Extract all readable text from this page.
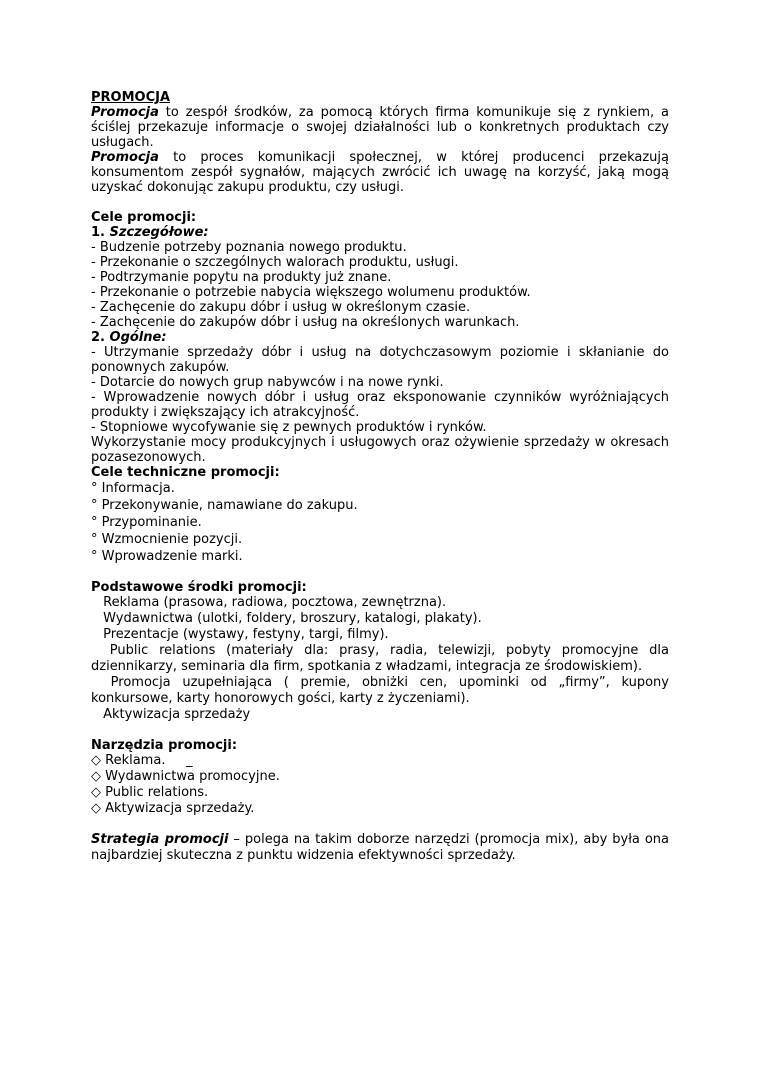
PROMOCJA

Promocja to zespół środków, za pomocą których firma komunikuje się z rynkiem, a ściślej przekazuje informacje o swojej działalności lub o konkretnych produktach czy usługach.

Promocja to proces komunikacji społecznej, w której producenci przekazują konsumentom zespół sygnałów, mających zwrócić ich uwagę na korzyść, jaką mogą uzyskać dokonując zakupu produktu, czy usługi.

Cele promocji:

1. Szczegółowe:

- Budzenie potrzeby poznania nowego produktu.

- Przekonanie o szczególnych walorach produktu, usługi.

- Podtrzymanie popytu na produkty już znane.

- Przekonanie o potrzebie nabycia większego wolumenu produktów.

- Zachęcenie do zakupu dóbr i usług w określonym czasie.

- Zachęcenie do zakupów dóbr i usług na określonych warunkach.

2. Ogólne:

- Utrzymanie sprzedaży dóbr i usług na dotychczasowym poziomie i skłanianie do ponownych zakupów.

- Dotarcie do nowych grup nabywców i na nowe rynki.

- Wprowadzenie nowych dóbr i usług oraz eksponowanie czynników wyróżniających produkty i zwiększający ich atrakcyjność.

- Stopniowe wycofywanie się z pewnych produktów i rynków.

Wykorzystanie mocy produkcyjnych i usługowych oraz ożywienie sprzedaży w okresach pozasezonowych.

Cele techniczne promocji:

° Informacja.

° Przekonywanie, namawiane do zakupu.

° Przypominanie.

° Wzmocnienie pozycji.

° Wprowadzenie marki.

Podstawowe środki promocji:

Reklama (prasowa, radiowa, pocztowa, zewnętrzna).

Wydawnictwa (ulotki, foldery, broszury, katalogi, plakaty).

Prezentacje (wystawy, festyny, targi, filmy).

Public relations (materiały dla: prasy, radia, telewizji, pobyty promocyjne dla dziennikarzy, seminaria dla firm, spotkania z władzami, integracja ze środowiskiem).

Promocja uzupełniająca ( premie, obniżki cen, upominki od „firmy”, kupony konkursowe, karty honorowych gości, karty z życzeniami).

Aktywizacja sprzedaży

Narzędzia promocji:

◇ Reklama.     _

◇ Wydawnictwa promocyjne.

◇ Public relations.

◇ Aktywizacja sprzedaży.

Strategia promocji – polega na takim doborze narzędzi (promocja mix), aby była ona najbardziej skuteczna z punktu widzenia efektywności sprzedaży.
